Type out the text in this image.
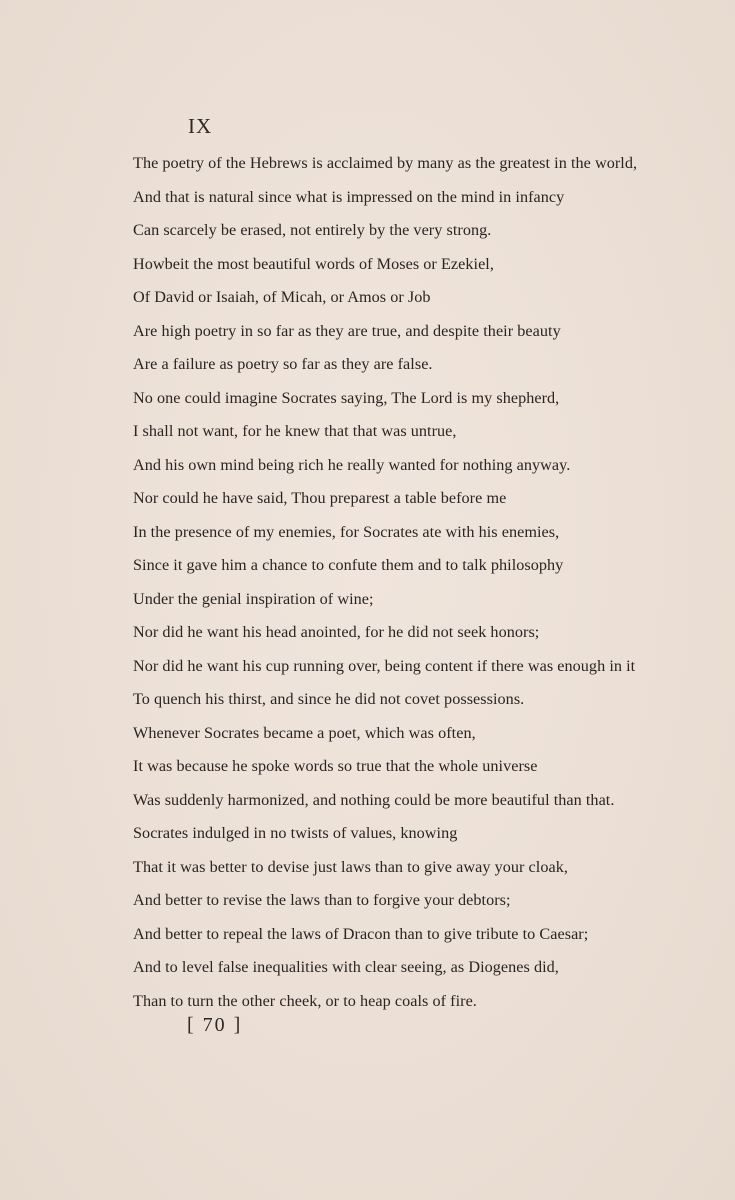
IX
The poetry of the Hebrews is acclaimed by many as the greatest in the world,
And that is natural since what is impressed on the mind in infancy
Can scarcely be erased, not entirely by the very strong.
Howbeit the most beautiful words of Moses or Ezekiel,
Of David or Isaiah, of Micah, or Amos or Job
Are high poetry in so far as they are true, and despite their beauty
Are a failure as poetry so far as they are false.
No one could imagine Socrates saying, The Lord is my shepherd,
I shall not want, for he knew that that was untrue,
And his own mind being rich he really wanted for nothing anyway.
Nor could he have said, Thou preparest a table before me
In the presence of my enemies, for Socrates ate with his enemies,
Since it gave him a chance to confute them and to talk philosophy
Under the genial inspiration of wine;
Nor did he want his head anointed, for he did not seek honors;
Nor did he want his cup running over, being content if there was enough in it
To quench his thirst, and since he did not covet possessions.
Whenever Socrates became a poet, which was often,
It was because he spoke words so true that the whole universe
Was suddenly harmonized, and nothing could be more beautiful than that.
Socrates indulged in no twists of values, knowing
That it was better to devise just laws than to give away your cloak,
And better to revise the laws than to forgive your debtors;
And better to repeal the laws of Dracon than to give tribute to Caesar;
And to level false inequalities with clear seeing, as Diogenes did,
Than to turn the other cheek, or to heap coals of fire.
[ 70 ]
